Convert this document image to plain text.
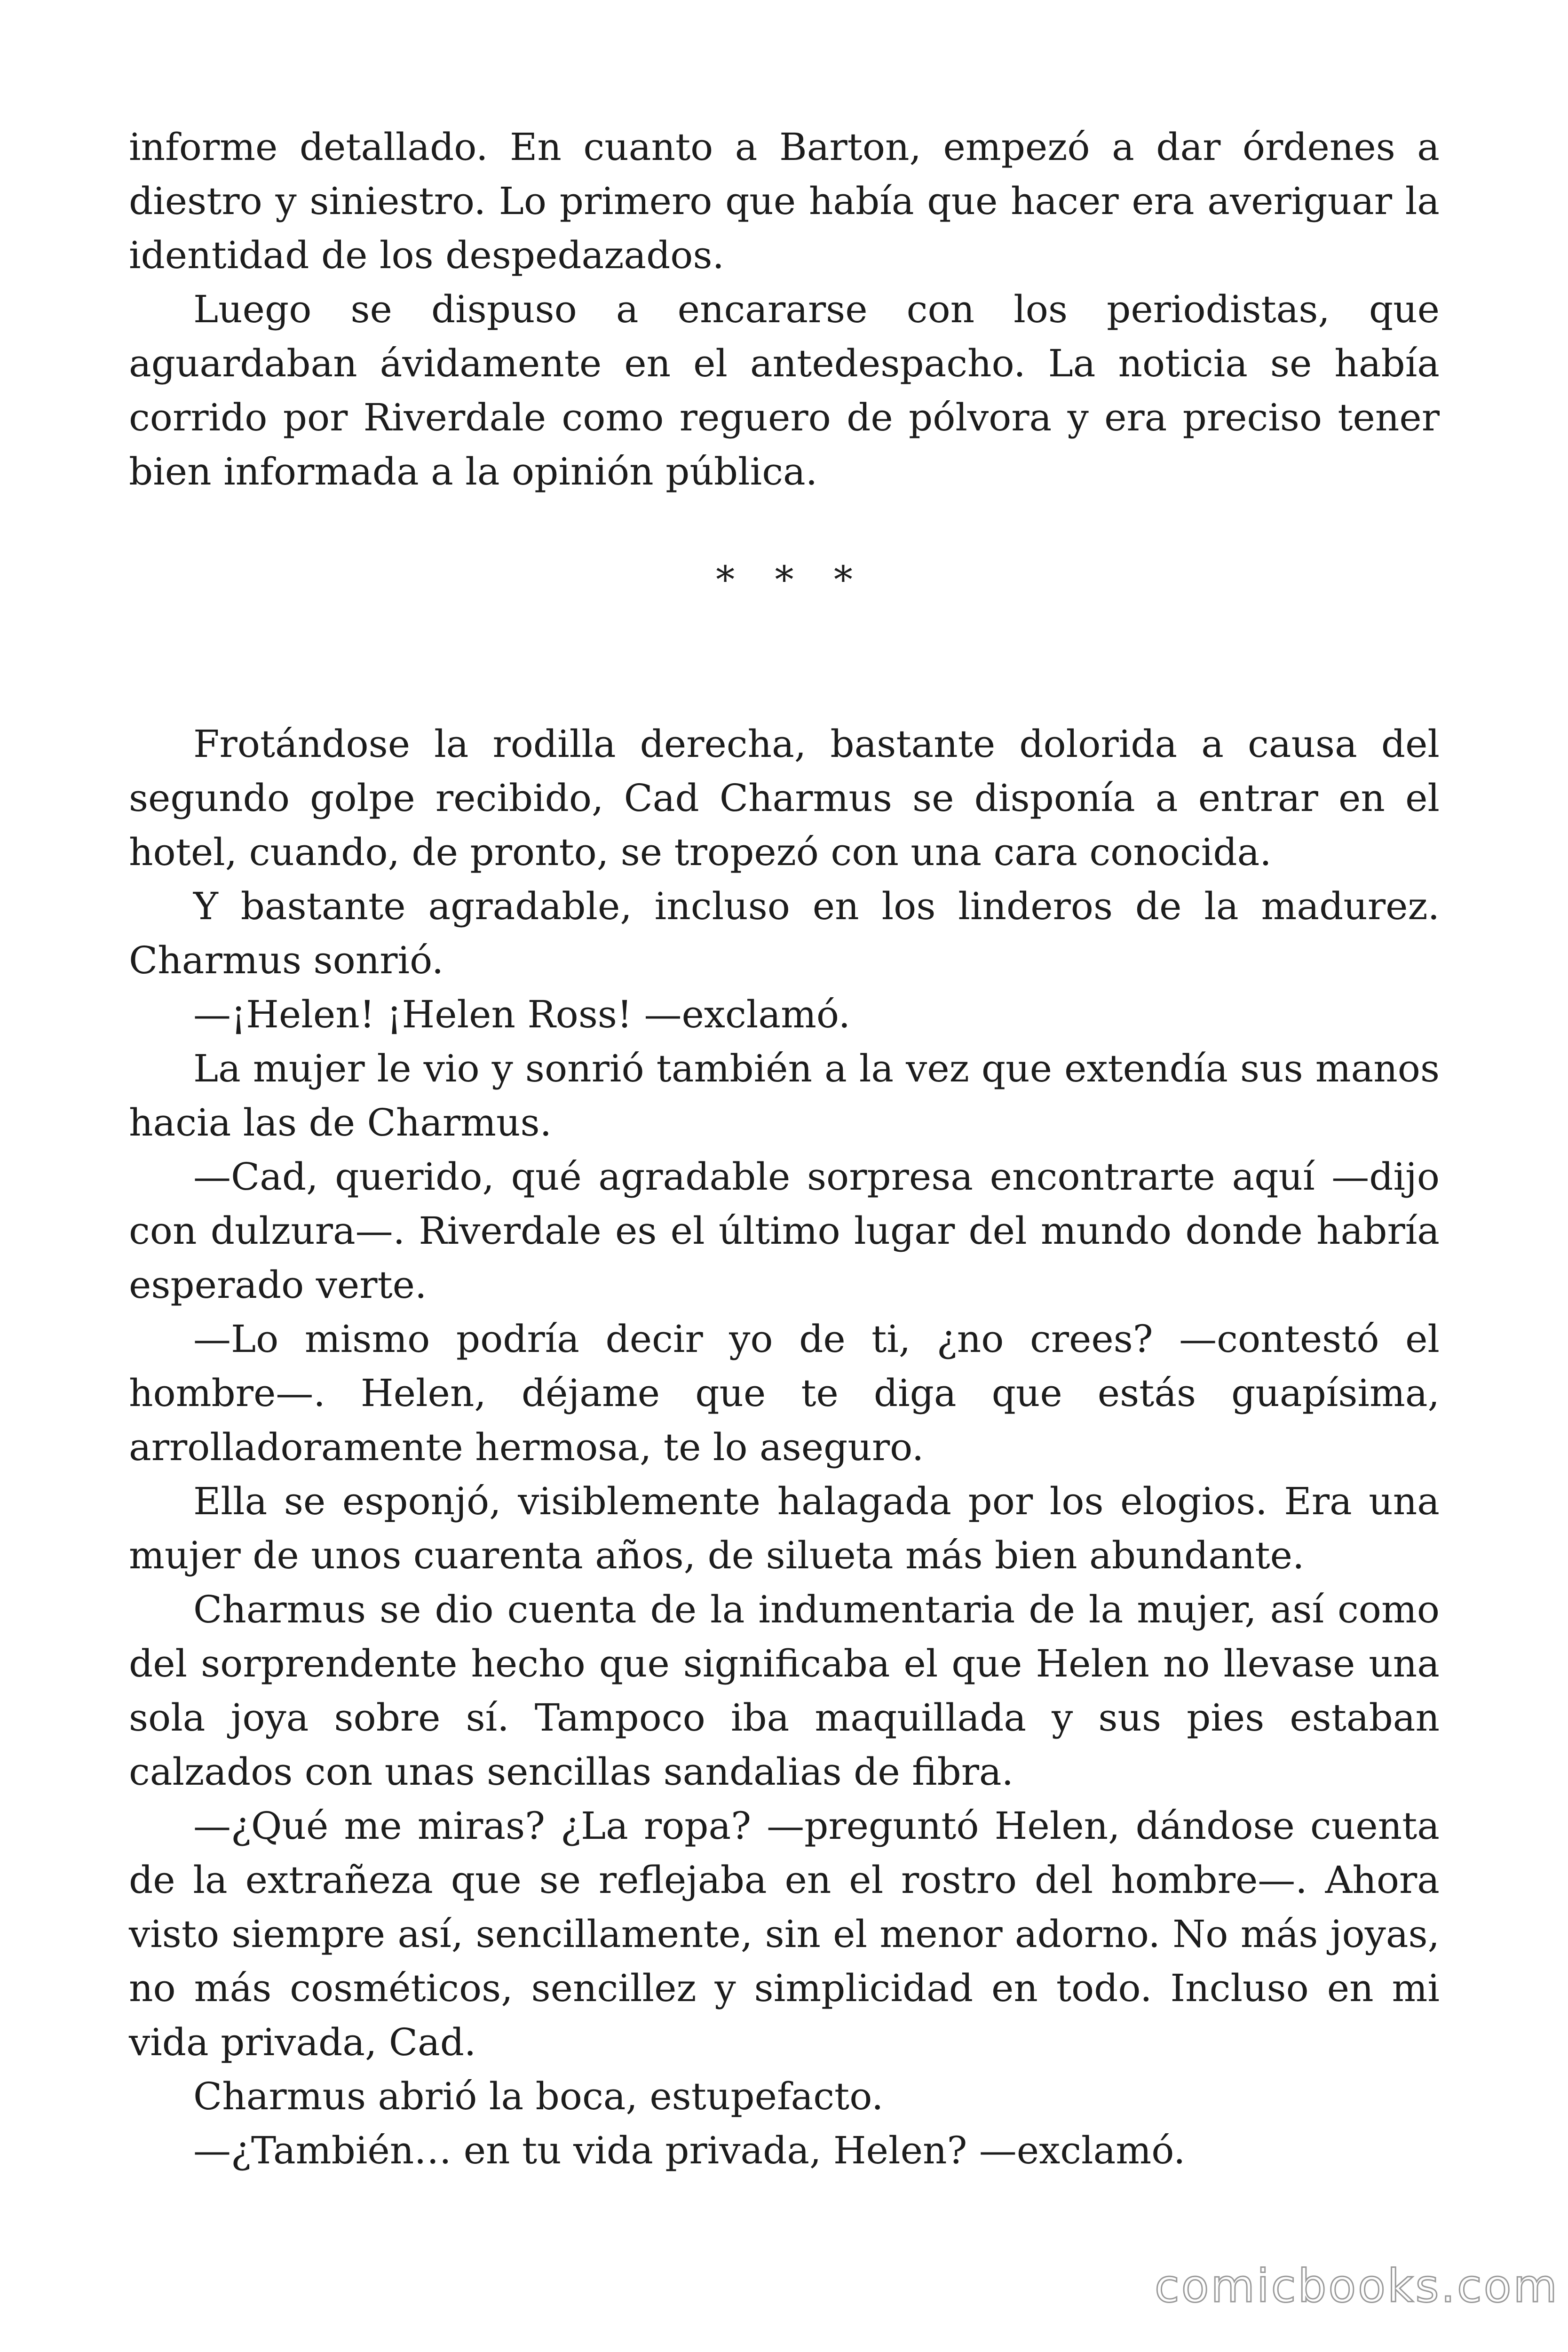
informe detallado. En cuanto a Barton, empezó a dar órdenes a diestro y siniestro. Lo primero que había que hacer era averiguar la identidad de los despedazados.

Luego se dispuso a encararse con los periodistas, que aguardaban ávidamente en el antedespacho. La noticia se había corrido por Riverdale como reguero de pólvora y era preciso tener bien informada a la opinión pública.

* * *

Frotándose la rodilla derecha, bastante dolorida a causa del segundo golpe recibido, Cad Charmus se disponía a entrar en el hotel, cuando, de pronto, se tropezó con una cara conocida.

Y bastante agradable, incluso en los linderos de la madurez. Charmus sonrió.

—¡Helen! ¡Helen Ross! —exclamó.

La mujer le vio y sonrió también a la vez que extendía sus manos hacia las de Charmus.

—Cad, querido, qué agradable sorpresa encontrarte aquí —dijo con dulzura—. Riverdale es el último lugar del mundo donde habría esperado verte.

—Lo mismo podría decir yo de ti, ¿no crees? —contestó el hombre—. Helen, déjame que te diga que estás guapísima, arrolladoramente hermosa, te lo aseguro.

Ella se esponjó, visiblemente halagada por los elogios. Era una mujer de unos cuarenta años, de silueta más bien abundante.

Charmus se dio cuenta de la indumentaria de la mujer, así como del sorprendente hecho que significaba el que Helen no llevase una sola joya sobre sí. Tampoco iba maquillada y sus pies estaban calzados con unas sencillas sandalias de fibra.

—¿Qué me miras? ¿La ropa? —preguntó Helen, dándose cuenta de la extrañeza que se reflejaba en el rostro del hombre—. Ahora visto siempre así, sencillamente, sin el menor adorno. No más joyas, no más cosméticos, sencillez y simplicidad en todo. Incluso en mi vida privada, Cad.

Charmus abrió la boca, estupefacto.

—¿También… en tu vida privada, Helen? —exclamó.

comicbooks.com
